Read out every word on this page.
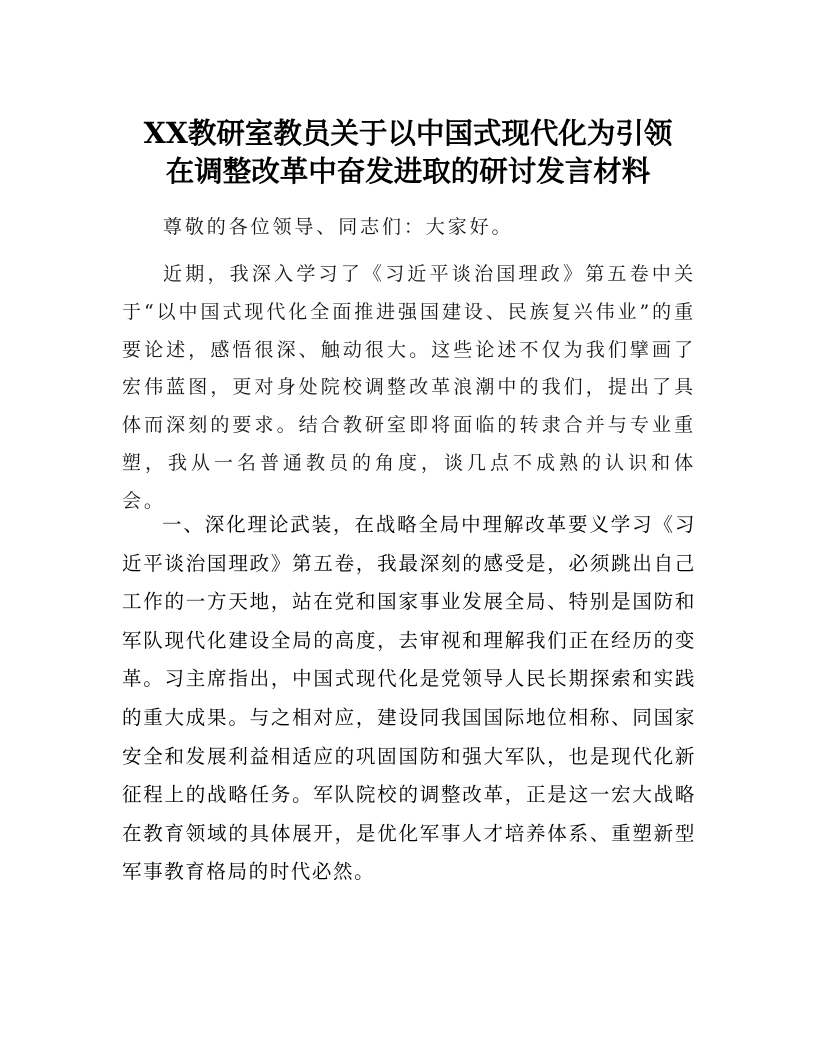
XX教研室教员关于以中国式现代化为引领
在调整改革中奋发进取的研讨发言材料

尊敬的各位领导、同志们：大家好。

近期，我深入学习了《习近平谈治国理政》第五卷中关于“以中国式现代化全面推进强国建设、民族复兴伟业”的重要论述，感悟很深、触动很大。这些论述不仅为我们擘画了宏伟蓝图，更对身处院校调整改革浪潮中的我们，提出了具体而深刻的要求。结合教研室即将面临的转隶合并与专业重塑，我从一名普通教员的角度，谈几点不成熟的认识和体会。

一、深化理论武装，在战略全局中理解改革要义学习《习近平谈治国理政》第五卷，我最深刻的感受是，必须跳出自己工作的一方天地，站在党和国家事业发展全局、特别是国防和军队现代化建设全局的高度，去审视和理解我们正在经历的变革。习主席指出，中国式现代化是党领导人民长期探索和实践的重大成果。与之相对应，建设同我国国际地位相称、同国家安全和发展利益相适应的巩固国防和强大军队，也是现代化新征程上的战略任务。军队院校的调整改革，正是这一宏大战略在教育领域的具体展开，是优化军事人才培养体系、重塑新型军事教育格局的时代必然。
